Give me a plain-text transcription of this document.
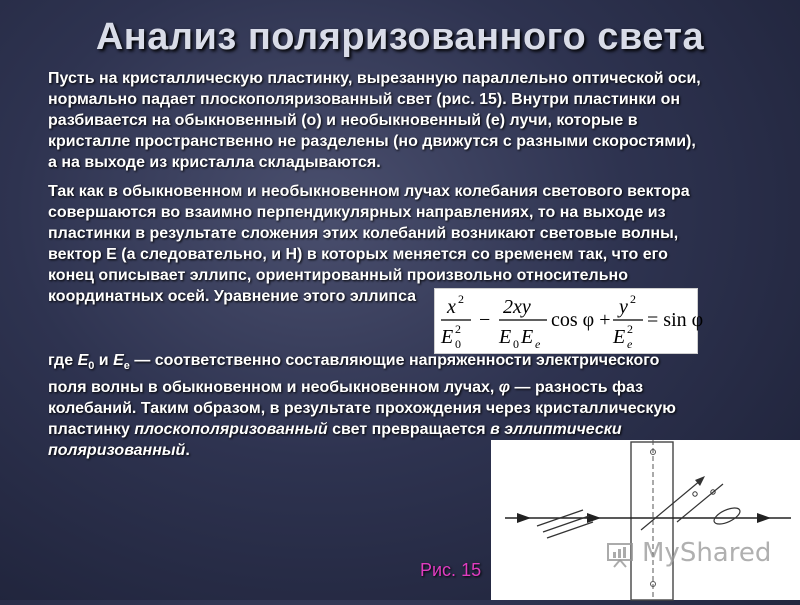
Анализ поляризованного света
Пусть на кристаллическую пластинку, вырезанную параллельно оптической оси,
нормально падает плоскополяризованный свет (рис. 15). Внутри пластинки он
разбивается на обыкновенный (о) и необыкновенный (е) лучи, которые в
кристалле пространственно не разделены (но движутся с разными скоростями),
а на выходе из кристалла складываются.
Так как в обыкновенном и необыкновенном лучах колебания светового вектора
совершаются во взаимно перпендикулярных направлениях, то на выходе из
пластинки в результате сложения этих колебаний возникают световые волны,
вектор Е (а следовательно, и Н) в которых меняется со временем так, что его
конец описывает эллипс, ориентированный произвольно относительно
координатных осей. Уравнение этого эллипса	x 2
E 2
0
−
2xy
E 0 E e
cos φ +
y 2
E 2
e
= sin φ
где $E_0$ и $E_e$ — соответственно составляющие напряженности электрического
поля волны в обыкновенном и необыкновенном лучах, φ — разность фаз
колебаний. Таким образом, в результате прохождения через кристаллическую
пластинку плоскополяризованный свет превращается в эллиптически
поляризованный.
Рис. 15
MyShared
